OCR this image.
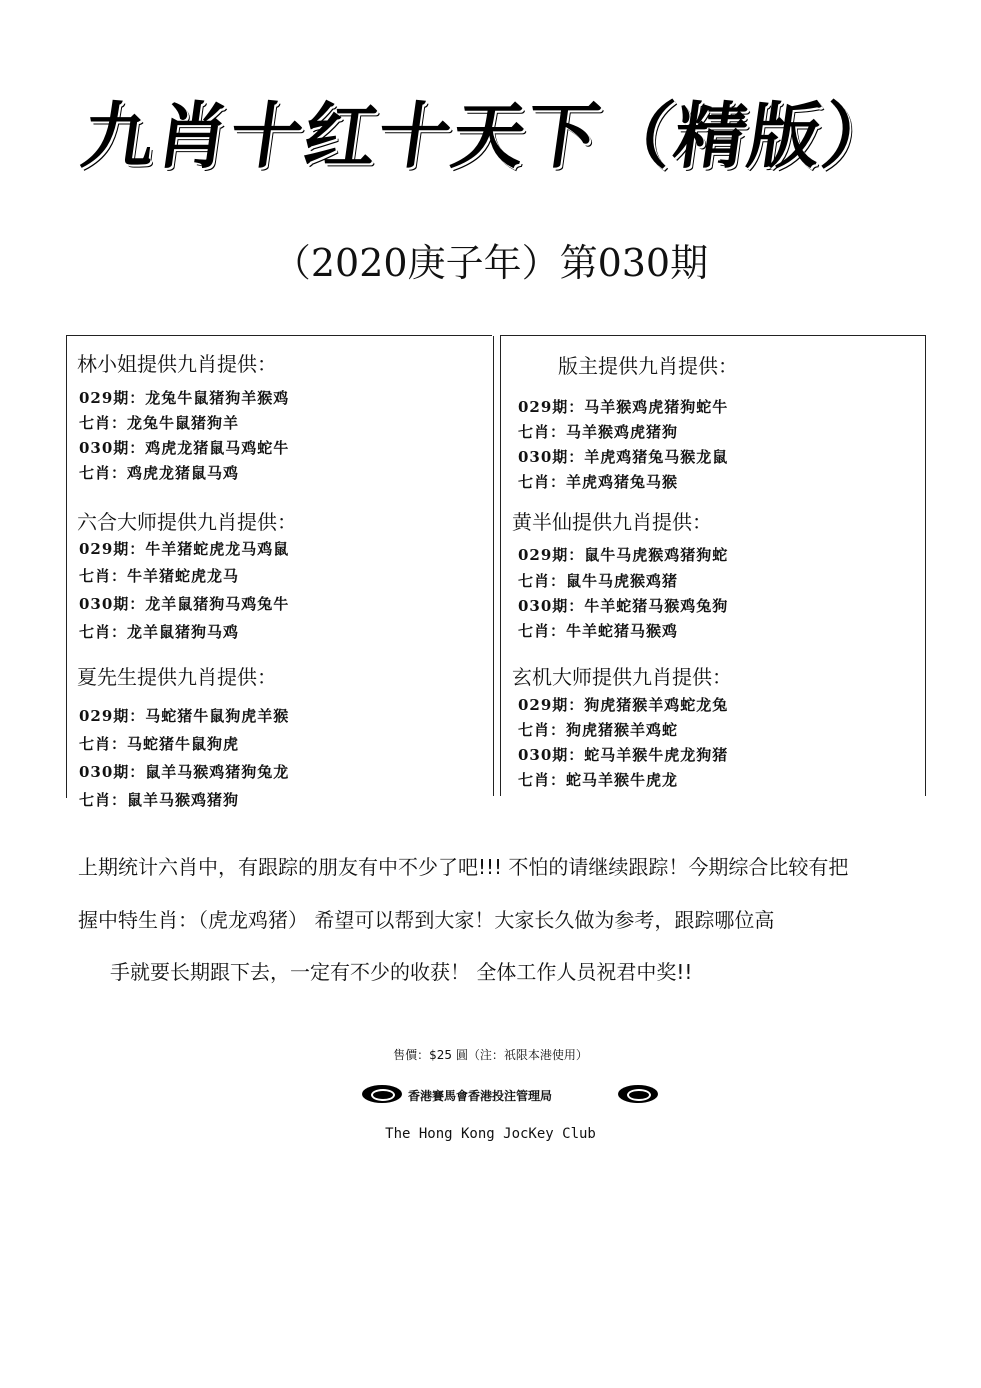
九肖十红十天下（精版）
（2020庚子年）第030期
林小姐提供九肖提供：
029期：龙兔牛鼠猪狗羊猴鸡
七肖：龙兔牛鼠猪狗羊
030期：鸡虎龙猪鼠马鸡蛇牛
七肖：鸡虎龙猪鼠马鸡
六合大师提供九肖提供：
029期：牛羊猪蛇虎龙马鸡鼠
七肖：牛羊猪蛇虎龙马
030期：龙羊鼠猪狗马鸡兔牛
七肖：龙羊鼠猪狗马鸡
夏先生提供九肖提供：
029期：马蛇猪牛鼠狗虎羊猴
七肖：马蛇猪牛鼠狗虎
030期：鼠羊马猴鸡猪狗兔龙
七肖：鼠羊马猴鸡猪狗
版主提供九肖提供：
029期：马羊猴鸡虎猪狗蛇牛
七肖：马羊猴鸡虎猪狗
030期：羊虎鸡猪兔马猴龙鼠
七肖：羊虎鸡猪兔马猴
黄半仙提供九肖提供：
029期：鼠牛马虎猴鸡猪狗蛇
七肖：鼠牛马虎猴鸡猪
030期：牛羊蛇猪马猴鸡兔狗
七肖：牛羊蛇猪马猴鸡
玄机大师提供九肖提供：
029期：狗虎猪猴羊鸡蛇龙兔
七肖：狗虎猪猴羊鸡蛇
030期：蛇马羊猴牛虎龙狗猪
七肖：蛇马羊猴牛虎龙
上期统计六肖中，有跟踪的朋友有中不少了吧!!! 不怕的请继续跟踪！今期综合比较有把
握中特生肖：（虎龙鸡猪） 希望可以帮到大家！大家长久做为参考，跟踪哪位高
手就要长期跟下去，一定有不少的收获！ 全体工作人员祝君中奖!!
售價：$25 圓（注：祇限本港使用）
香港賽馬會香港投注管理局
The Hong Kong JocKey Club
